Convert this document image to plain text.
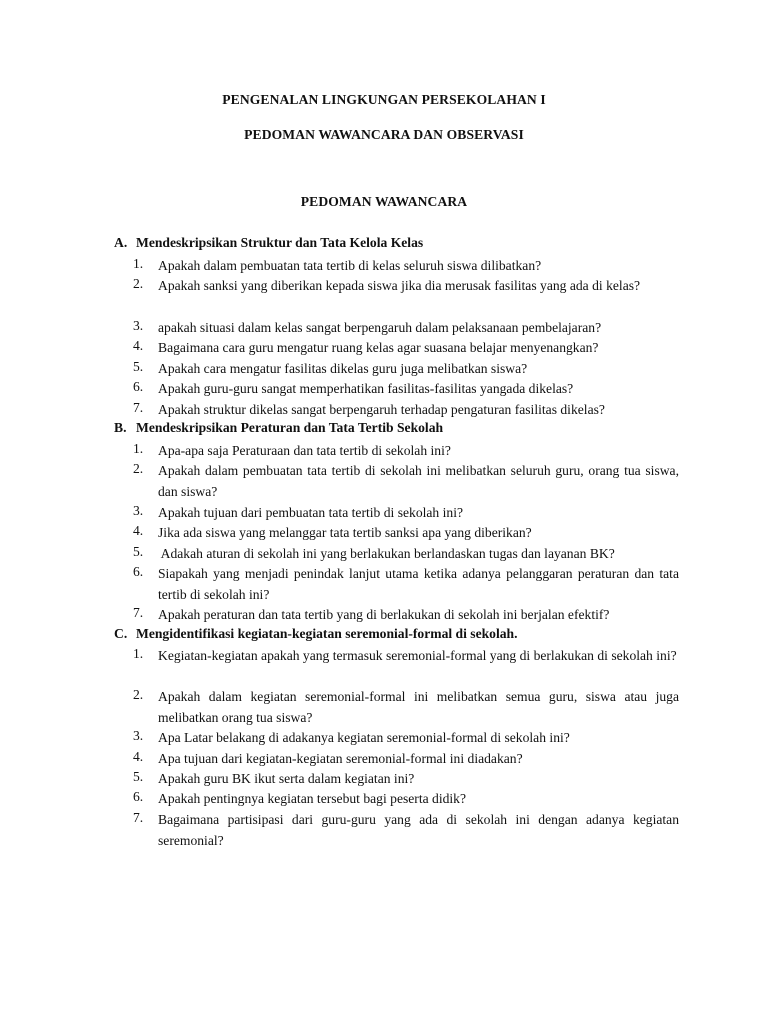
PENGENALAN LINGKUNGAN PERSEKOLAHAN I
PEDOMAN WAWANCARA DAN OBSERVASI
PEDOMAN WAWANCARA
A. Mendeskripsikan Struktur dan Tata Kelola Kelas
1.	Apakah dalam pembuatan tata tertib di kelas seluruh siswa dilibatkan?
2.	Apakah sanksi yang diberikan kepada siswa jika dia merusak fasilitas yang ada di kelas?
3.	apakah situasi dalam kelas sangat berpengaruh dalam pelaksanaan pembelajaran?
4.	Bagaimana cara guru mengatur ruang kelas agar suasana belajar menyenangkan?
5.	Apakah cara mengatur fasilitas dikelas guru juga melibatkan siswa?
6.	Apakah guru-guru sangat memperhatikan fasilitas-fasilitas yangada dikelas?
7.	Apakah struktur dikelas sangat berpengaruh terhadap pengaturan fasilitas dikelas?
B. Mendeskripsikan Peraturan dan Tata Tertib Sekolah
1.	Apa-apa saja Peraturaan dan tata tertib di sekolah ini?
2.	Apakah dalam pembuatan tata tertib di sekolah ini melibatkan seluruh guru, orang tua siswa, dan siswa?
3.	Apakah tujuan dari pembuatan tata tertib di sekolah ini?
4.	Jika ada siswa yang melanggar tata tertib sanksi apa yang diberikan?
5.	Adakah aturan di sekolah ini yang berlakukan berlandaskan tugas dan layanan BK?
6.	Siapakah yang menjadi penindak lanjut utama ketika adanya pelanggaran peraturan dan tata tertib di sekolah ini?
7.	Apakah peraturan dan tata tertib yang di berlakukan di sekolah ini berjalan efektif?
C. Mengidentifikasi kegiatan-kegiatan seremonial-formal di sekolah.
1.	Kegiatan-kegiatan apakah yang termasuk seremonial-formal yang di berlakukan di sekolah ini?
2.	Apakah dalam kegiatan seremonial-formal ini melibatkan semua guru, siswa atau juga melibatkan orang tua siswa?
3.	Apa Latar belakang di adakanya kegiatan seremonial-formal di sekolah ini?
4.	Apa tujuan dari kegiatan-kegiatan seremonial-formal ini diadakan?
5.	Apakah guru BK ikut serta dalam kegiatan ini?
6.	Apakah pentingnya kegiatan tersebut bagi peserta didik?
7.	Bagaimana partisipasi dari guru-guru yang ada di sekolah ini dengan adanya kegiatan seremonial?
